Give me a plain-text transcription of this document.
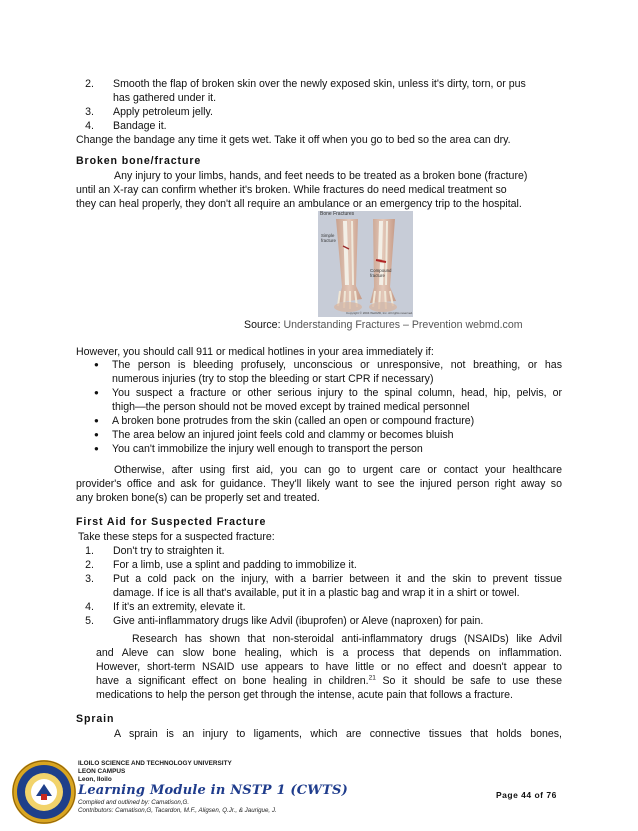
2. Smooth the flap of broken skin over the newly exposed skin, unless it's dirty, torn, or pus
has gathered under it.
3. Apply petroleum jelly.
4. Bandage it.
Change the bandage any time it gets wet. Take it off when you go to bed so the area can dry.
Broken bone/fracture
Any injury to your limbs, hands, and feet needs to be treated as a broken bone (fracture)
until an X-ray can confirm whether it's broken. While fractures do need medical treatment so
they can heal properly, they don't all require an ambulance or an emergency trip to the hospital.
Bone Fractures
Simple
fracture
Compound
fracture
Copyright © 2004 WebMD, Inc. All rights reserved.
Source: Understanding Fractures – Prevention webmd.com
However, you should call 911 or medical hotlines in your area immediately if:
● The person is bleeding profusely, unconscious or unresponsive, not breathing, or has
numerous injuries (try to stop the bleeding or start CPR if necessary)
● You suspect a fracture or other serious injury to the spinal column, head, hip, pelvis, or
thigh—the person should not be moved except by trained medical personnel
● A broken bone protrudes from the skin (called an open or compound fracture)
● The area below an injured joint feels cold and clammy or becomes bluish
● You can't immobilize the injury well enough to transport the person
Otherwise, after using first aid, you can go to urgent care or contact your healthcare
provider's office and ask for guidance. They'll likely want to see the injured person right away so
any broken bone(s) can be properly set and treated.
First Aid for Suspected Fracture
Take these steps for a suspected fracture:
1. Don't try to straighten it.
2. For a limb, use a splint and padding to immobilize it.
3. Put a cold pack on the injury, with a barrier between it and the skin to prevent tissue
damage. If ice is all that's available, put it in a plastic bag and wrap it in a shirt or towel.
4. If it's an extremity, elevate it.
5. Give anti-inflammatory drugs like Advil (ibuprofen) or Aleve (naproxen) for pain.
Research has shown that non-steroidal anti-inflammatory drugs (NSAIDs) like Advil
and Aleve can slow bone healing, which is a process that depends on inflammation.
However, short-term NSAID use appears to have little or no effect and doesn't appear to
have a significant effect on bone healing in children.$^{21}$ So it should be safe to use these
medications to help the person get through the intense, acute pain that follows a fracture.
Sprain
A sprain is an injury to ligaments, which are connective tissues that holds bones,
ILOILO SCIENCE AND TECHNOLOGY UNIVERSITY
LEON CAMPUS
Leon, Iloilo
Learning Module in NSTP 1 (CWTS)
Compiled and outlined by: Camatison,G.
Contributors: Camatison,G, Tacardon, M.F., Aligsen, Q.Jr., & Jaurigue, J.
Page 44 of 76
